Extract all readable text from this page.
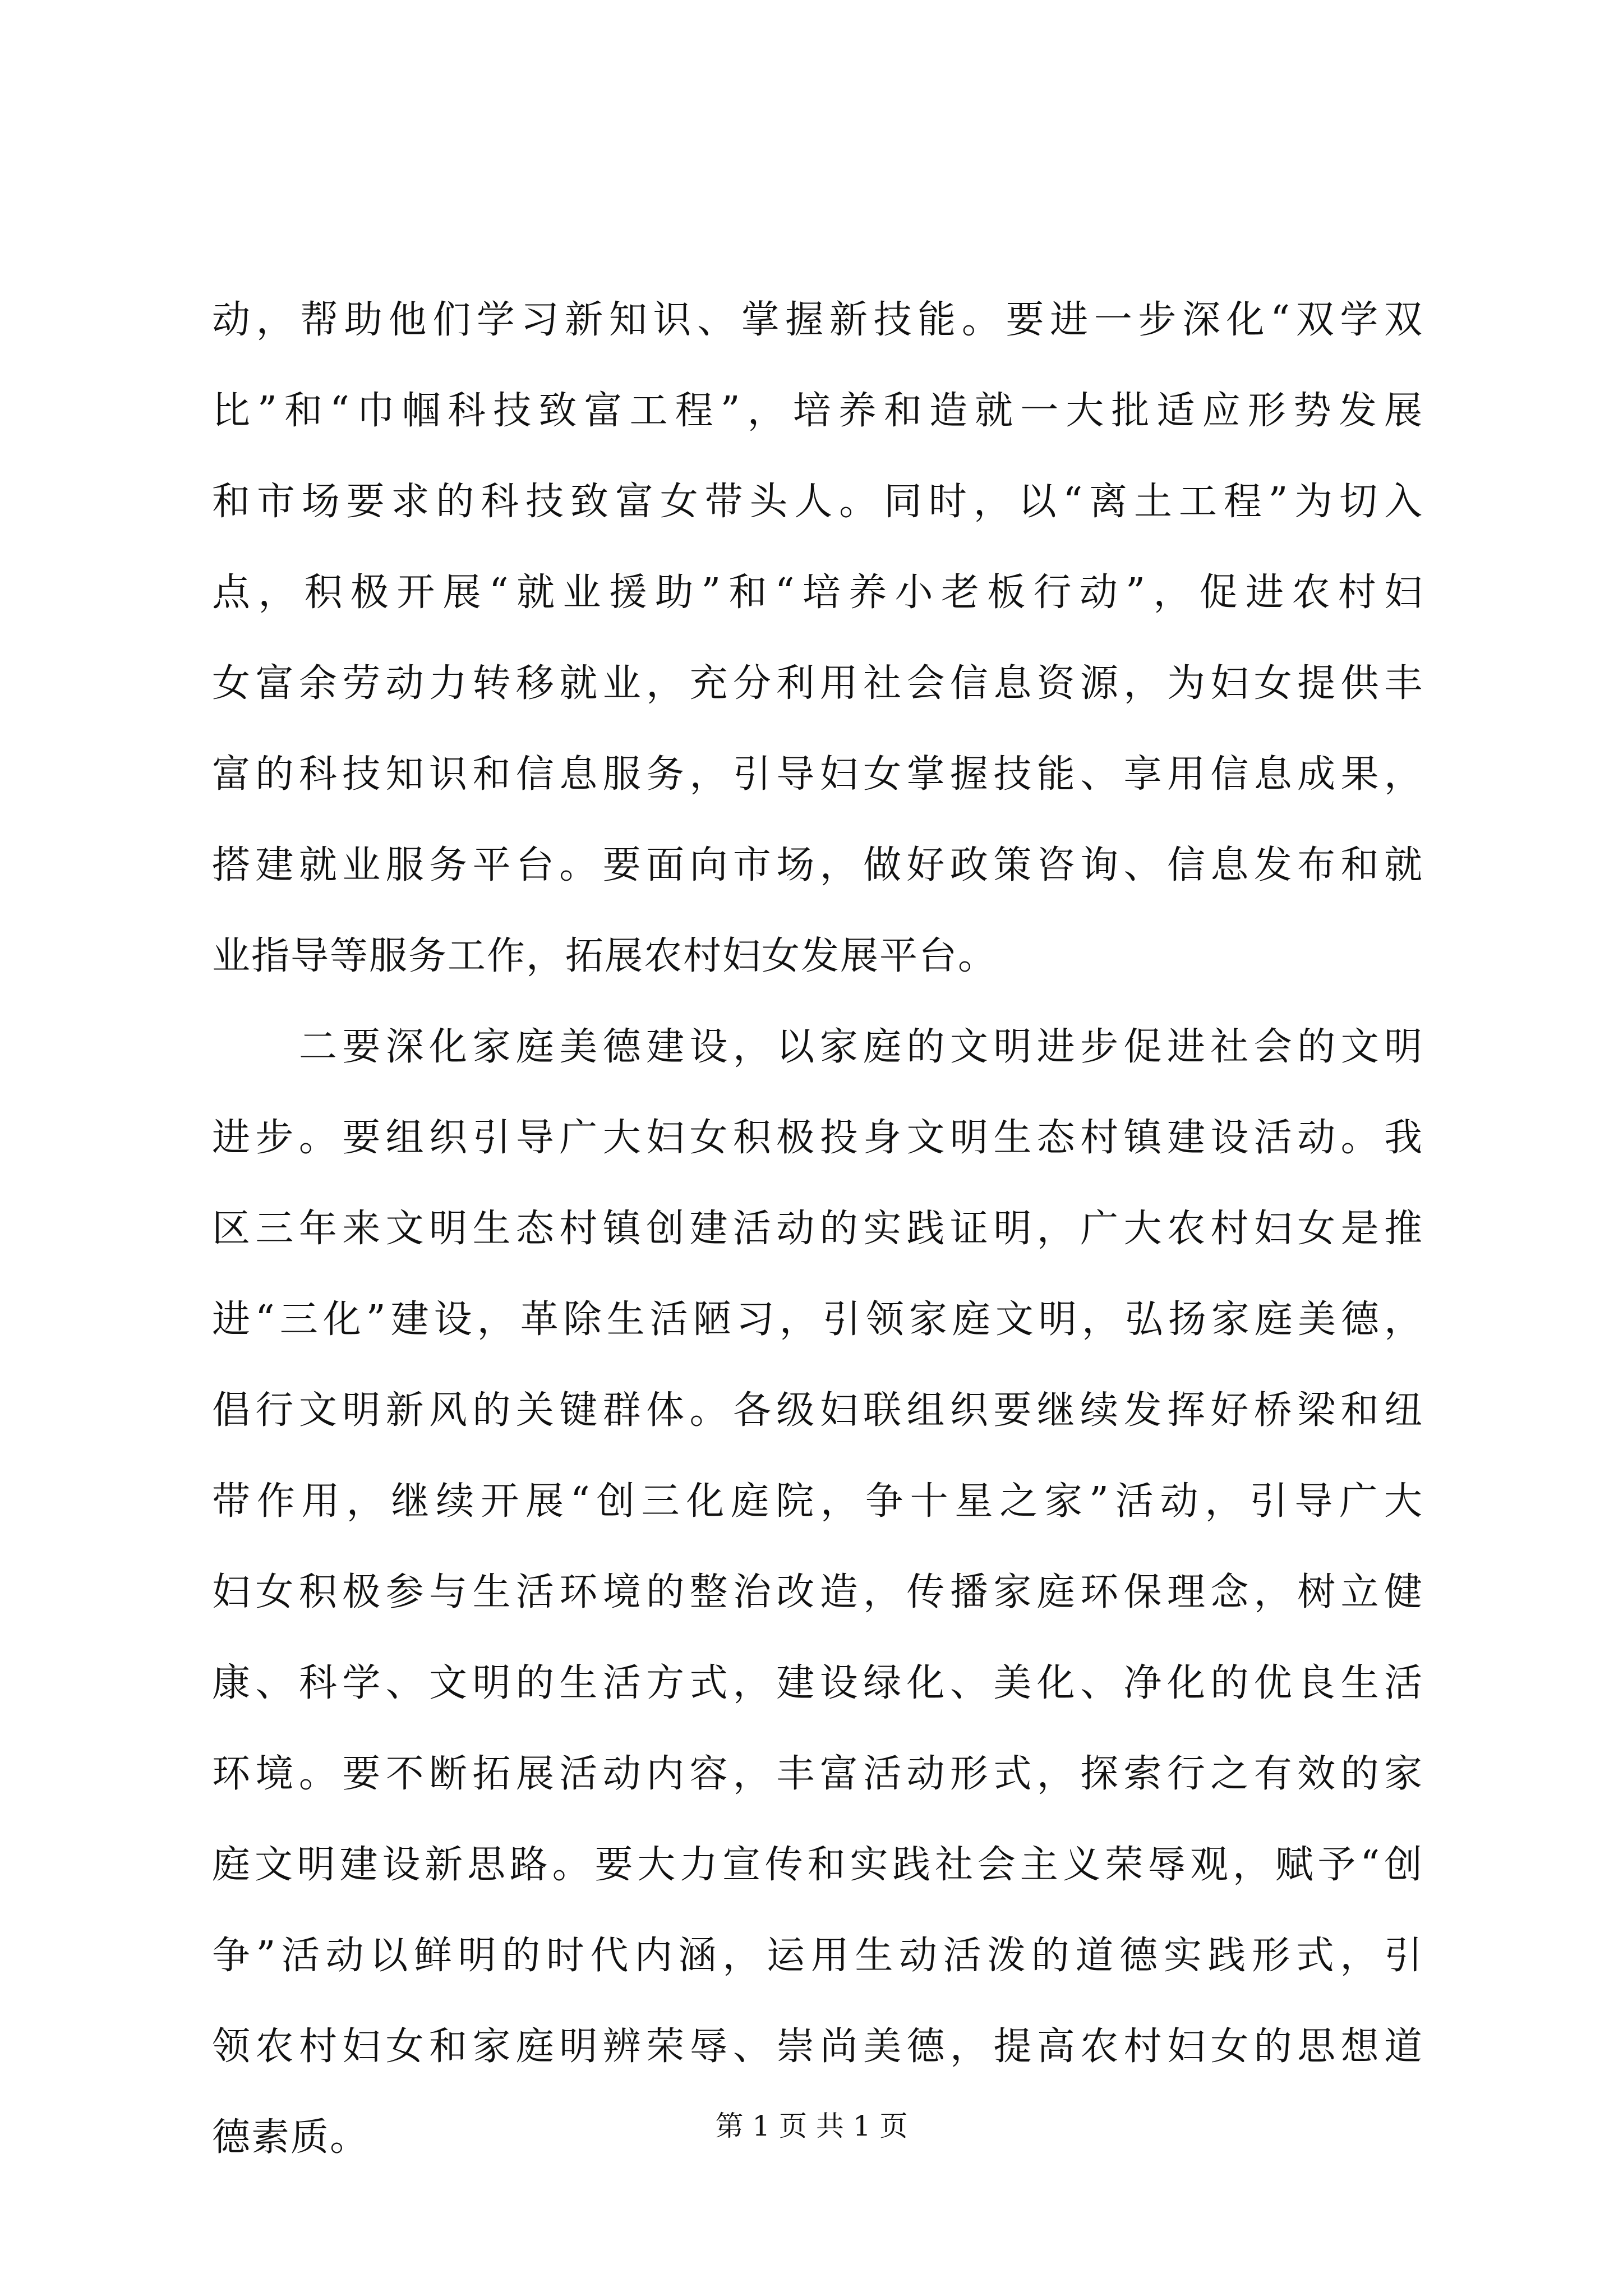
动，帮助他们学习新知识、掌握新技能。要进一步深化“双学双
比”和“巾帼科技致富工程”，培养和造就一大批适应形势发展
和市场要求的科技致富女带头人。同时，以“离土工程”为切入
点，积极开展“就业援助”和“培养小老板行动”，促进农村妇
女富余劳动力转移就业，充分利用社会信息资源，为妇女提供丰
富的科技知识和信息服务，引导妇女掌握技能、享用信息成果，
搭建就业服务平台。要面向市场，做好政策咨询、信息发布和就
业指导等服务工作，拓展农村妇女发展平台。
　　二要深化家庭美德建设，以家庭的文明进步促进社会的文明
进步。要组织引导广大妇女积极投身文明生态村镇建设活动。我
区三年来文明生态村镇创建活动的实践证明，广大农村妇女是推
进“三化”建设，革除生活陋习，引领家庭文明，弘扬家庭美德，
倡行文明新风的关键群体。各级妇联组织要继续发挥好桥梁和纽
带作用，继续开展“创三化庭院，争十星之家”活动，引导广大
妇女积极参与生活环境的整治改造，传播家庭环保理念，树立健
康、科学、文明的生活方式，建设绿化、美化、净化的优良生活
环境。要不断拓展活动内容，丰富活动形式，探索行之有效的家
庭文明建设新思路。要大力宣传和实践社会主义荣辱观，赋予“创
争”活动以鲜明的时代内涵，运用生动活泼的道德实践形式，引
领农村妇女和家庭明辨荣辱、崇尚美德，提高农村妇女的思想道
德素质。	第 1 页 共 1 页
